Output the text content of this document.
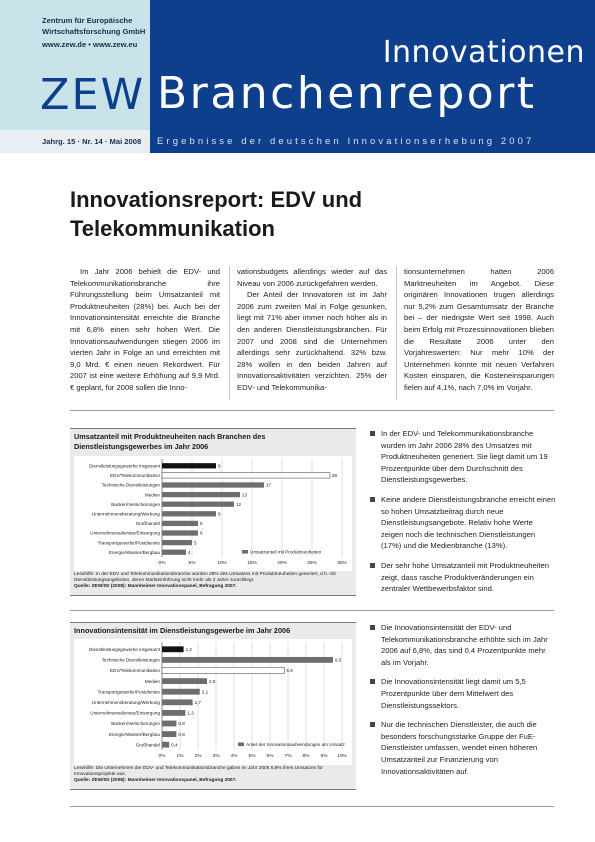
Zentrum für Europäische
Wirtschaftsforschung GmbH
www.zew.de • www.zew.eu
ZEW
Innovationen
Branchenreport
Jahrg. 15 · Nr. 14 · Mai 2008 Ergebnisse der deutschen Innovationserhebung 2007
Innovationsreport: EDV und Telekommunikation

Im Jahr 2006 behielt die EDV- und Telekommunikationsbranche ihre Führungsstellung beim Umsatzanteil mit Produktneuheiten (28%) bei. Auch bei der Innovationsintensität erreichte die Branche mit 6,8% einen sehr hohen Wert. Die Innovationsaufwendungen stiegen 2006 im vierten Jahr in Folge an und erreichten mit 9,0 Mrd. € einen neuen Rekordwert. Für 2007 ist eine weitere Erhöhung auf 9,9 Mrd. € geplant, für 2008 sollen die Inno-

vationsbudgets allerdings wieder auf das Niveau von 2006 zurückgefahren werden.

Der Anteil der Innovatoren ist im Jahr 2006 zum zweiten Mal in Folge gesunken, liegt mit 71% aber immer noch höher als in den anderen Dienstleistungsbranchen. Für 2007 und 2008 sind die Unternehmen allerdings sehr zurückhaltend. 32% bzw. 28% wollen in den beiden Jahren auf Innovationsaktivitäten verzichten. 25% der EDV- und Telekommunika-

tionsunternehmen hatten 2006 Marktneuheiten im Angebot. Diese originären Innovationen trugen allerdings nur 5,2% zum Gesamtumsatz der Branche bei – der niedrigste Wert seit 1998. Auch beim Erfolg mit Prozessinnovationen blieben die Resultate 2006 unter den Vorjahreswerten: Nur mehr 10% der Unternehmen konnte mit neuen Verfahren Kosten einsparen, die Kosteneinsparungen fielen auf 4,1%, nach 7,0% im Vorjahr.

Umsatzanteil mit Produktneuheiten nach Branchen des Dienstleistungsgewerbes im Jahr 2006
0%	5%	10%	15%	20%	25%	30%
Dienstleistungsgewerbe insgesamt	9
EDV/Telekommunikation	28
Technische Dienstleistungen	17
Medien	13
Banken/Versicherungen	12
Unternehmensberatung/Werbung	9
Großhandel	6
Unternehmensdienste/Entsorgung	6
Transportgewerbe/Postdienste	5
Energie/Wasser/Bergbau	4	Umsatzanteil mit Produktneuheiten
Lesehilfe: In der EDV und Telekommunikationsbranche wurden 28% des Umsatzes mit Produktneuheiten generiert, d.h. mit Dienstleistungsangeboten, deren Markteinführung nicht mehr als 3 Jahre zurückliegt.
Quelle: ZEW/ISI (2008): Mannheimer Innovationspanel, Befragung 2007.
In der EDV- und Telekommunikationsbranche wurden im Jahr 2006 28% des Umsatzes mit Produktneuheiten generiert. Sie liegt damit um 19 Prozentpunkte über dem Durchschnitt des Dienstleistungsgewerbes.
Keine andere Dienstleistungsbranche erreicht einen so hohen Umsatzbeitrag durch neue Dienstleistungsangebote. Relativ hohe Werte zeigen noch die technischen Dienstleistungen (17%) und die Medienbranche (13%).
Der sehr hohe Umsatzanteil mit Produktneuheiten zeigt, dass rasche Produktveränderungen ein zentraler Wettbewerbsfaktor sind.
Innovationsintensität im Dienstleistungsgewerbe im Jahr 2006
0% 1% 2% 3% 4% 5% 6% 7% 8% 9% 10%
Dienstleistungsgewerbe insgesamt	1,2
Technische Dienstleistungen	9,5
EDV/Telekommunikation	6,8
Medien	2,5
Transportgewerbe/Postdienste	2,1
Unternehmensberatung/Werbung	1,7
Unternehmensdienste/Entsorgung	1,3
Banken/Versicherungen	0,8
Energie/Wasser/Bergbau	0,8
Großhandel 0,4	Anteil der Innovationsaufwendungen am Umsatz
Lesehilfe: Die Unternehmen der EDV- und Telekommunikationsbranche gaben im Jahr 2006 6,8% ihres Umsatzes für Innovationsprojekte aus.
Quelle: ZEW/ISI (2008): Mannheimer Innovationspanel, Befragung 2007.
Die Innovationsintensität der EDV- und Telekommunikationsbranche erhöhte sich im Jahr 2006 auf 6,8%, das sind 0,4 Prozentpunkte mehr als im Vorjahr.
Die Innovationsintensität liegt damit um 5,5 Prozentpunkte über dem Mittelwert des Dienstleistungssektors.
Nur die technischen Dienstleister, die auch die besonders forschungsstarke Gruppe der FuE-Dienstleister umfassen, wendet einen höheren Umsatzanteil zur Finanzierung von Innovationsaktivitäten auf.
